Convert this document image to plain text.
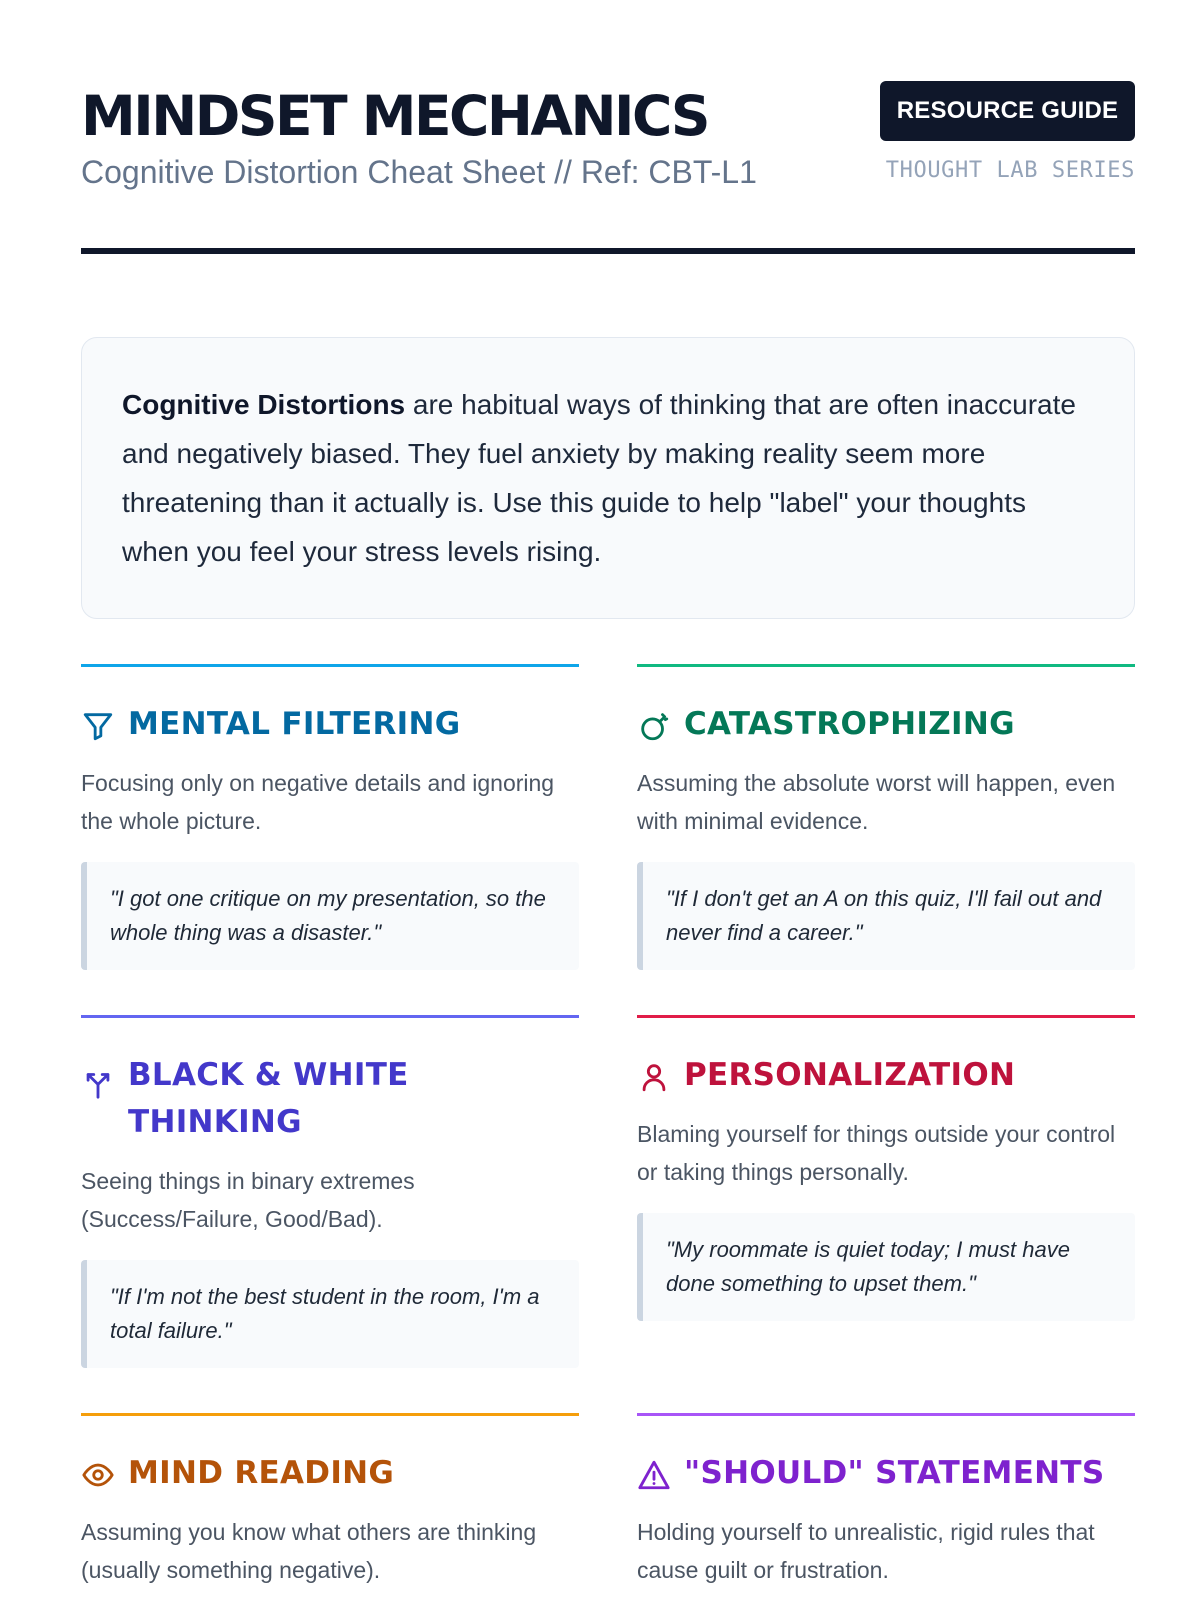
MINDSET MECHANICS
Cognitive Distortion Cheat Sheet // Ref: CBT-L1
RESOURCE GUIDE
THOUGHT LAB SERIES
Cognitive Distortions are habitual ways of thinking that are often inaccurate and negatively biased. They fuel anxiety by making reality seem more threatening than it actually is. Use this guide to help "label" your thoughts when you feel your stress levels rising.
MENTAL FILTERING

Focusing only on negative details and ignoring the whole picture.

"I got one critique on my presentation, so the whole thing was a disaster."
CATASTROPHIZING

Assuming the absolute worst will happen, even with minimal evidence.

"If I don't get an A on this quiz, I'll fail out and never find a career."
BLACK & WHITE THINKING

Seeing things in binary extremes (Success/Failure, Good/Bad).

"If I'm not the best student in the room, I'm a total failure."
PERSONALIZATION

Blaming yourself for things outside your control or taking things personally.

"My roommate is quiet today; I must have done something to upset them."
MIND READING

Assuming you know what others are thinking (usually something negative).

"SHOULD" STATEMENTS

Holding yourself to unrealistic, rigid rules that cause guilt or frustration.
